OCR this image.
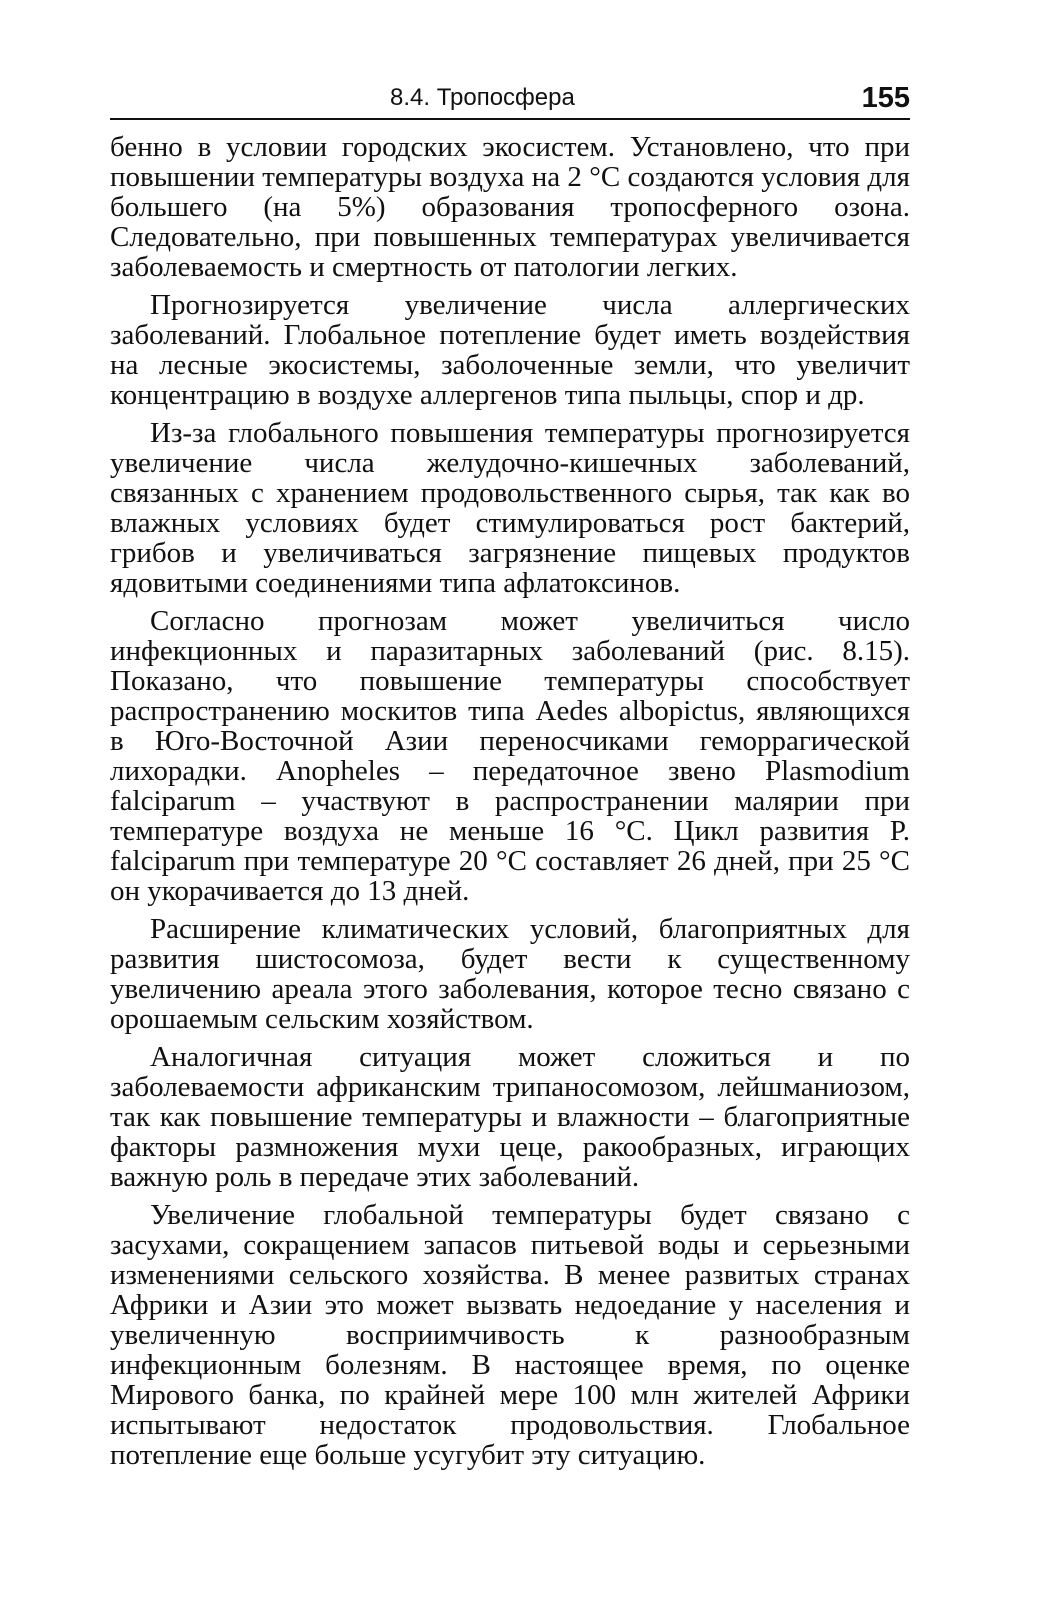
8.4. Тропосфера	155

бенно в условии городских экосистем. Установлено, что при повышении температуры воздуха на 2 °С создаются условия для большего (на 5%) образования тропосферного озона. Следовательно, при повышенных температурах увеличивается заболеваемость и смертность от патологии легких.

Прогнозируется увеличение числа аллергических заболеваний. Глобальное потепление будет иметь воздействия на лесные экосистемы, заболоченные земли, что увеличит концентрацию в воздухе аллергенов типа пыльцы, спор и др.

Из-за глобального повышения температуры прогнозируется увеличение числа желудочно-кишечных заболеваний, связанных с хранением продовольственного сырья, так как во влажных условиях будет стимулироваться рост бактерий, грибов и увеличиваться загрязнение пищевых продуктов ядовитыми соединениями типа афлатоксинов.

Согласно прогнозам может увеличиться число инфекционных и паразитарных заболеваний (рис. 8.15). Показано, что повышение температуры способствует распространению москитов типа Aedes albopictus, являющихся в Юго-Восточной Азии переносчиками геморрагической лихорадки. Anopheles – передаточное звено Plasmodium falciparum – участвуют в распространении малярии при температуре воздуха не меньше 16 °С. Цикл развития P. falciparum при температуре 20 °С составляет 26 дней, при 25 °С он укорачивается до 13 дней.

Расширение климатических условий, благоприятных для развития шистосомоза, будет вести к существенному увеличению ареала этого заболевания, которое тесно связано с орошаемым сельским хозяйством.

Аналогичная ситуация может сложиться и по заболеваемости африканским трипаносомозом, лейшманиозом, так как повышение температуры и влажности – благоприятные факторы размножения мухи цеце, ракообразных, играющих важную роль в передаче этих заболеваний.

Увеличение глобальной температуры будет связано с засухами, сокращением запасов питьевой воды и серьезными изменениями сельского хозяйства. В менее развитых странах Африки и Азии это может вызвать недоедание у населения и увеличенную восприимчивость к разнообразным инфекционным болезням. В настоящее время, по оценке Мирового банка, по крайней мере 100 млн жителей Африки испытывают недостаток продовольствия. Глобальное потепление еще больше усугубит эту ситуацию.
